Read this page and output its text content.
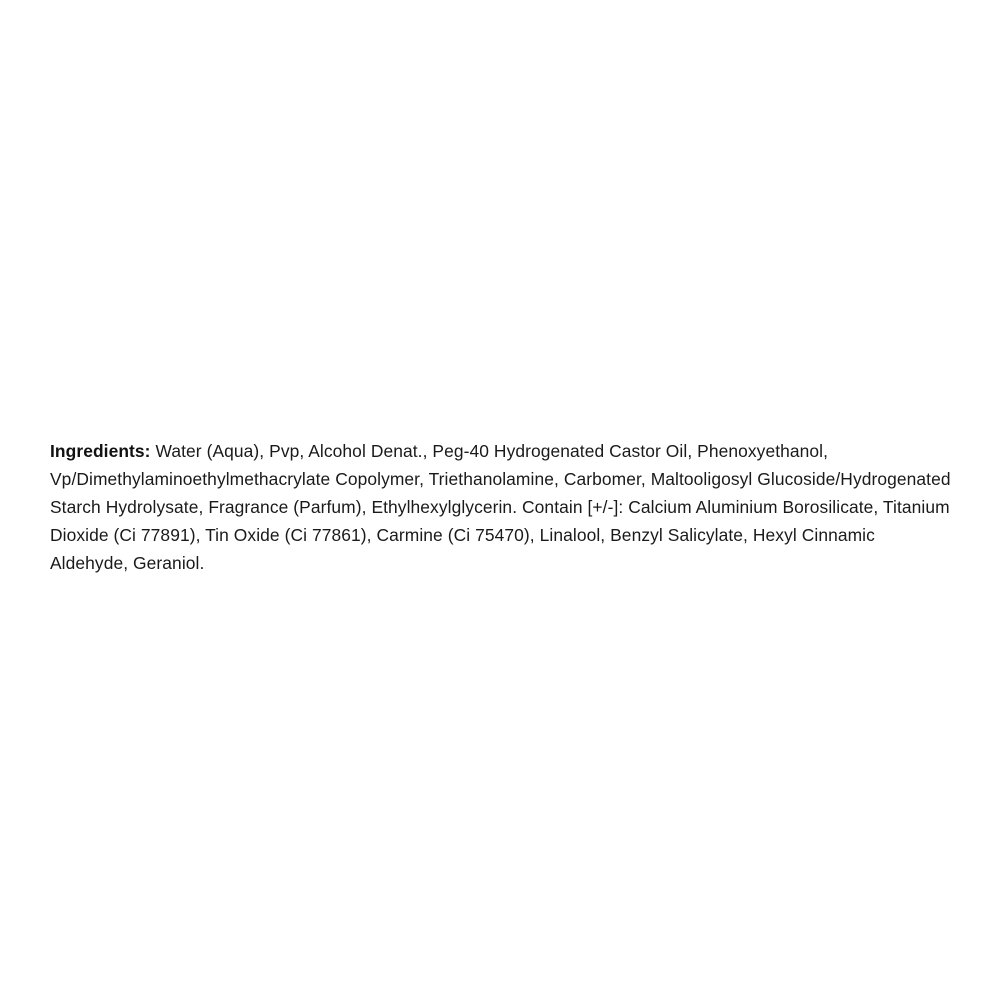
Ingredients: Water (Aqua), Pvp, Alcohol Denat., Peg-40 Hydrogenated Castor Oil, Phenoxyethanol, Vp/Dimethylaminoethylmethacrylate Copolymer, Triethanolamine, Carbomer, Maltooligosyl Glucoside/Hydrogenated Starch Hydrolysate, Fragrance (Parfum), Ethylhexylglycerin. Contain [+/-]: Calcium Aluminium Borosilicate, Titanium Dioxide (Ci 77891), Tin Oxide (Ci 77861), Carmine (Ci 75470), Linalool, Benzyl Salicylate, Hexyl Cinnamic Aldehyde, Geraniol.
